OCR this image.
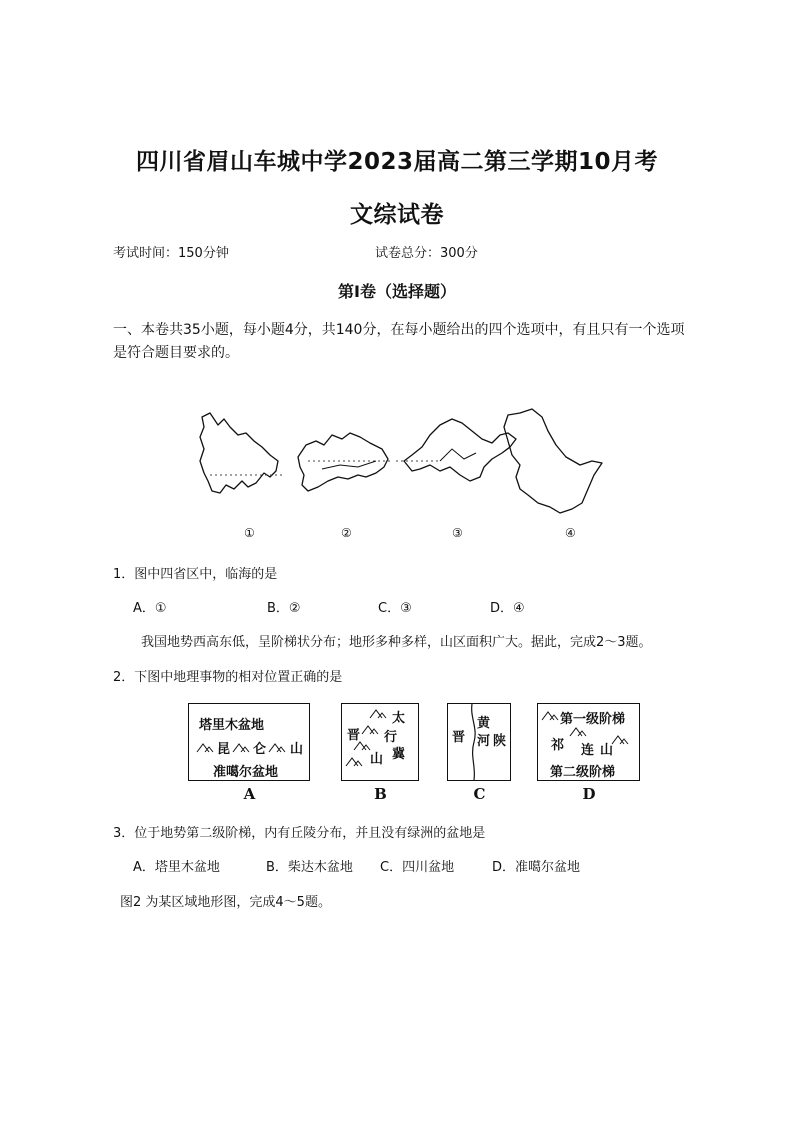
四川省眉山车城中学2023届高二第三学期10月考
文综试卷
考试时间：150分钟	试卷总分：300分
第Ⅰ卷（选择题）
一、本卷共35小题，每小题4分，共140分，在每小题给出的四个选项中，有且只有一个选项
是符合题目要求的。
①	②	③	④
1．图中四省区中，临海的是
A．①	B．②	C．③	D．④
我国地势西高东低，呈阶梯状分布；地形多种多样，山区面积广大。据此，完成2～3题。
2．下图中地理事物的相对位置正确的是
塔里木盆地
昆 仑 山
准噶尔盆地
A
太
晋 行
山 冀
B
晋
黄
河 陕
C
第一级阶梯
祁 连 山
第二级阶梯
D
3．位于地势第二级阶梯，内有丘陵分布，并且没有绿洲的盆地是
A．塔里木盆地	B．柴达木盆地 C．四川盆地	D．准噶尔盆地
图2 为某区域地形图，完成4～5题。
